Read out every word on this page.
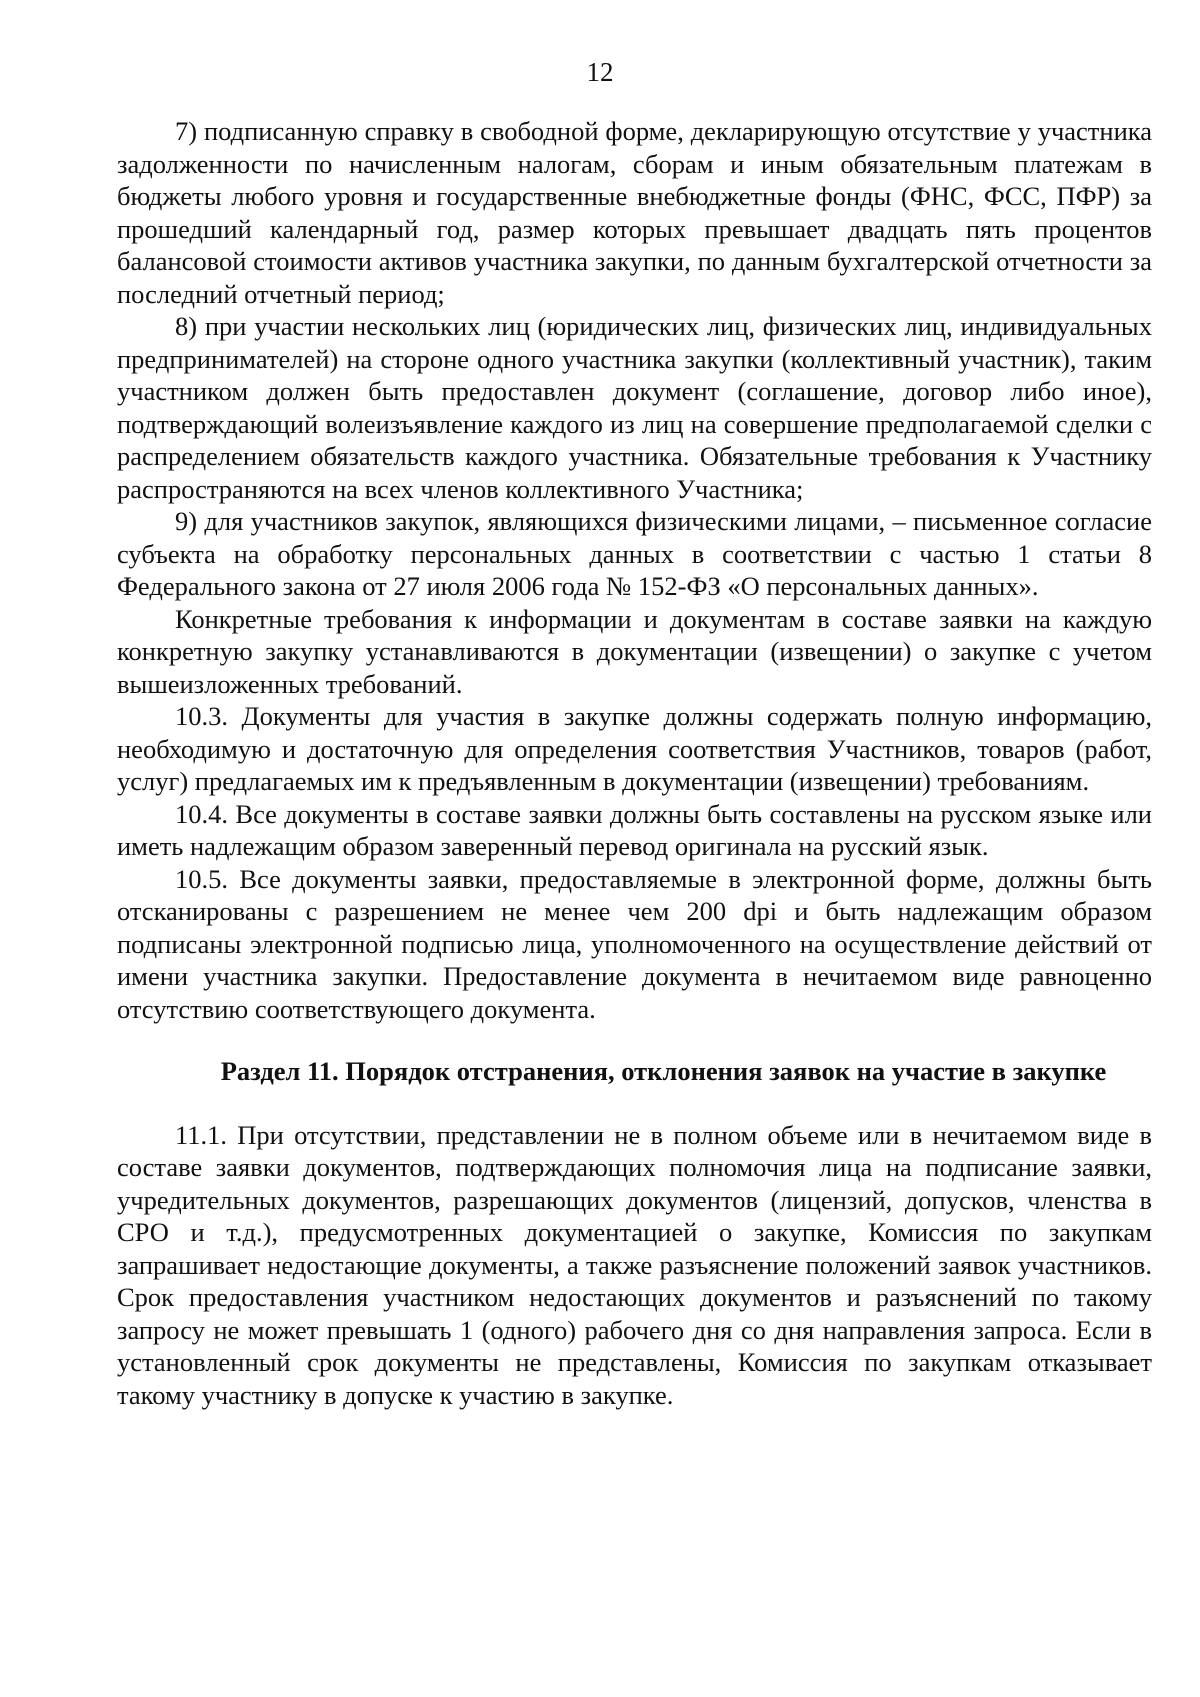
12

7) подписанную справку в свободной форме, декларирующую отсутствие у участника задолженности по начисленным налогам, сборам и иным обязательным платежам в бюджеты любого уровня и государственные внебюджетные фонды (ФНС, ФСС, ПФР) за прошедший календарный год, размер которых превышает двадцать пять процентов балансовой стоимости активов участника закупки, по данным бухгалтерской отчетности за последний отчетный период;

8) при участии нескольких лиц (юридических лиц, физических лиц, индивидуальных предпринимателей) на стороне одного участника закупки (коллективный участник), таким участником должен быть предоставлен документ (соглашение, договор либо иное), подтверждающий волеизъявление каждого из лиц на совершение предполагаемой сделки с распределением обязательств каждого участника. Обязательные требования к Участнику распространяются на всех членов коллективного Участника;

9) для участников закупок, являющихся физическими лицами, – письменное согласие субъекта на обработку персональных данных в соответствии с частью 1 статьи 8 Федерального закона от 27 июля 2006 года № 152-ФЗ «О персональных данных».

Конкретные требования к информации и документам в составе заявки на каждую конкретную закупку устанавливаются в документации (извещении) о закупке с учетом вышеизложенных требований.

10.3. Документы для участия в закупке должны содержать полную информацию, необходимую и достаточную для определения соответствия Участников, товаров (работ, услуг) предлагаемых им к предъявленным в документации (извещении) требованиям.

10.4. Все документы в составе заявки должны быть составлены на русском языке или иметь надлежащим образом заверенный перевод оригинала на русский язык.

10.5. Все документы заявки, предоставляемые в электронной форме, должны быть отсканированы с разрешением не менее чем 200 dpi и быть надлежащим образом подписаны электронной подписью лица, уполномоченного на осуществление действий от имени участника закупки. Предоставление документа в нечитаемом виде равноценно отсутствию соответствующего документа.

Раздел 11. Порядок отстранения, отклонения заявок на участие в закупке

11.1. При отсутствии, представлении не в полном объеме или в нечитаемом виде в составе заявки документов, подтверждающих полномочия лица на подписание заявки, учредительных документов, разрешающих документов (лицензий, допусков, членства в СРО и т.д.), предусмотренных документацией о закупке, Комиссия по закупкам запрашивает недостающие документы, а также разъяснение положений заявок участников. Срок предоставления участником недостающих документов и разъяснений по такому запросу не может превышать 1 (одного) рабочего дня со дня направления запроса. Если в установленный срок документы не представлены, Комиссия по закупкам отказывает такому участнику в допуске к участию в закупке.
